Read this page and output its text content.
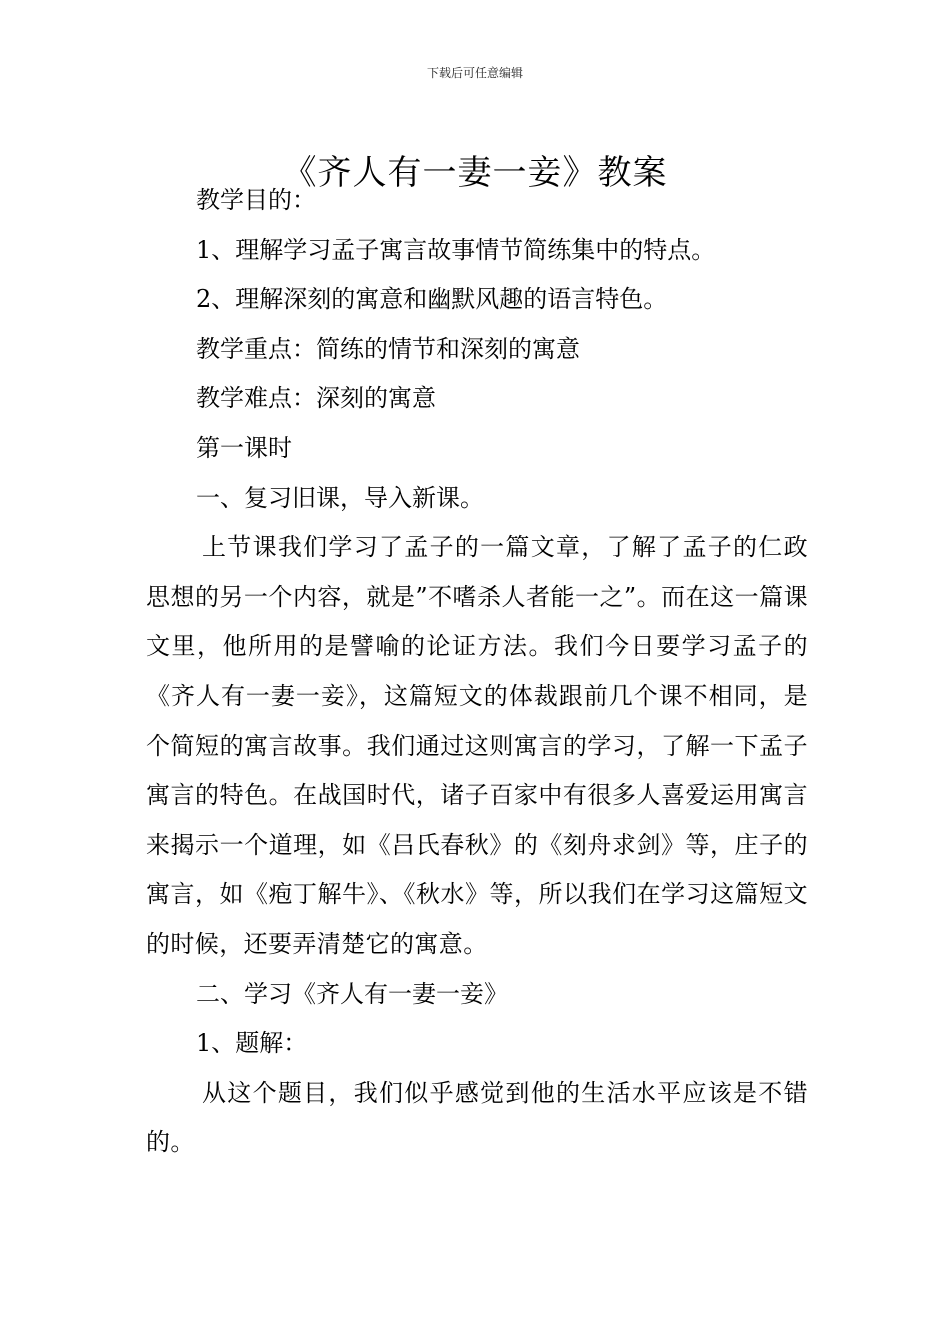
下载后可任意编辑
《齐人有一妻一妾》教案

教学目的：

1、理解学习孟子寓言故事情节简练集中的特点。

2、理解深刻的寓意和幽默风趣的语言特色。

教学重点：简练的情节和深刻的寓意

教学难点：深刻的寓意

第一课时

一、复习旧课，导入新课。

上节课我们学习了孟子的一篇文章，了解了孟子的仁政思想的另一个内容，就是”不嗜杀人者能一之”。而在这一篇课文里，他所用的是譬喻的论证方法。我们今日要学习孟子的《齐人有一妻一妾》，这篇短文的体裁跟前几个课不相同，是个简短的寓言故事。我们通过这则寓言的学习，了解一下孟子寓言的特色。在战国时代，诸子百家中有很多人喜爱运用寓言来揭示一个道理，如《吕氏春秋》的《刻舟求剑》等，庄子的寓言，如《疱丁解牛》、《秋水》等，所以我们在学习这篇短文的时候，还要弄清楚它的寓意。

二、学习《齐人有一妻一妾》

1、题解：

从这个题目，我们似乎感觉到他的生活水平应该是不错的。
